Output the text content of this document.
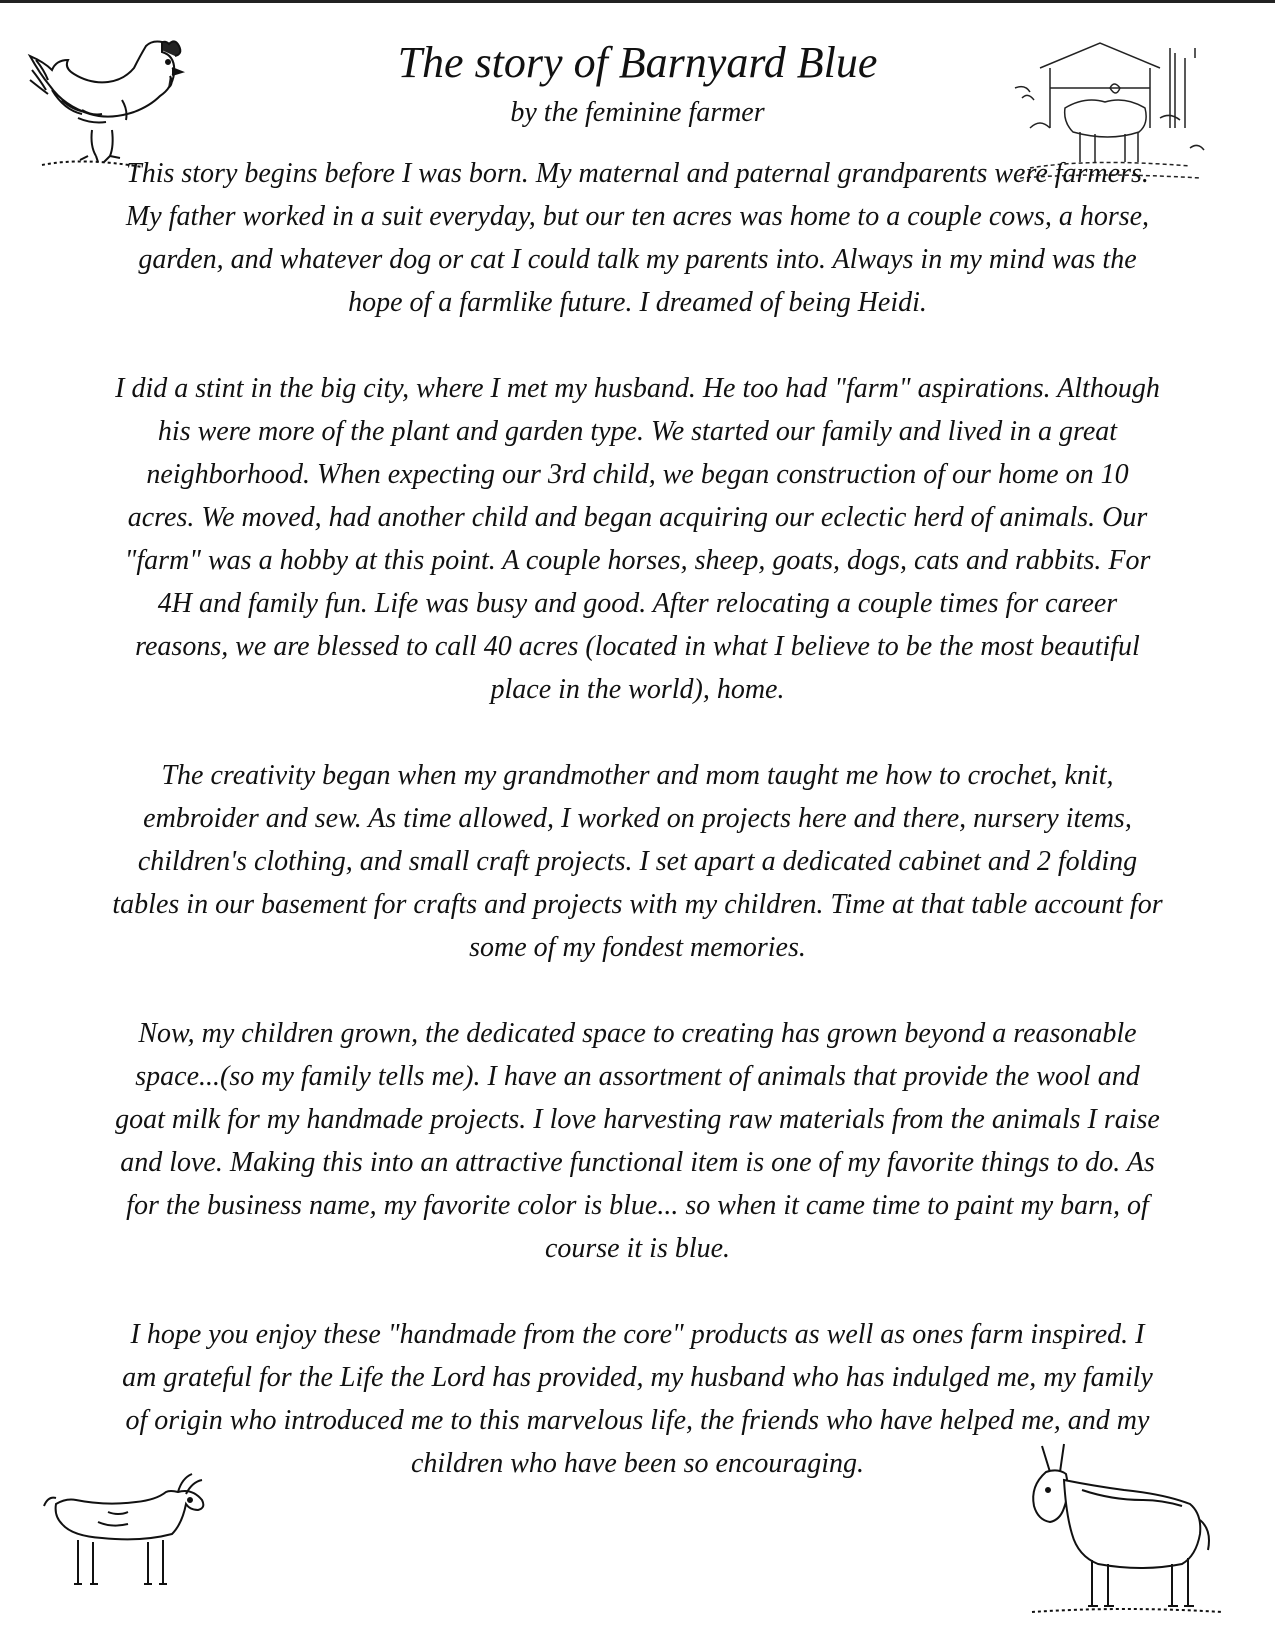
The story of Barnyard Blue
by the feminine farmer

This story begins before I was born. My maternal and paternal grandparents were farmers. My father worked in a suit everyday, but our ten acres was home to a couple cows, a horse, garden, and whatever dog or cat I could talk my parents into. Always in my mind was the hope of a farmlike future. I dreamed of being Heidi.

I did a stint in the big city, where I met my husband. He too had "farm" aspirations. Although his were more of the plant and garden type. We started our family and lived in a great neighborhood. When expecting our 3rd child, we began construction of our home on 10 acres. We moved, had another child and began acquiring our eclectic herd of animals. Our "farm" was a hobby at this point. A couple horses, sheep, goats, dogs, cats and rabbits. For 4H and family fun. Life was busy and good. After relocating a couple times for career reasons, we are blessed to call 40 acres (located in what I believe to be the most beautiful place in the world), home.

The creativity began when my grandmother and mom taught me how to crochet, knit, embroider and sew. As time allowed, I worked on projects here and there, nursery items, children's clothing, and small craft projects. I set apart a dedicated cabinet and 2 folding tables in our basement for crafts and projects with my children. Time at that table account for some of my fondest memories.

Now, my children grown, the dedicated space to creating has grown beyond a reasonable space...(so my family tells me). I have an assortment of animals that provide the wool and goat milk for my handmade projects. I love harvesting raw materials from the animals I raise and love. Making this into an attractive functional item is one of my favorite things to do. As for the business name, my favorite color is blue... so when it came time to paint my barn, of course it is blue.

I hope you enjoy these "handmade from the core" products as well as ones farm inspired. I am grateful for the Life the Lord has provided, my husband who has indulged me, my family of origin who introduced me to this marvelous life, the friends who have helped me, and my children who have been so encouraging.
